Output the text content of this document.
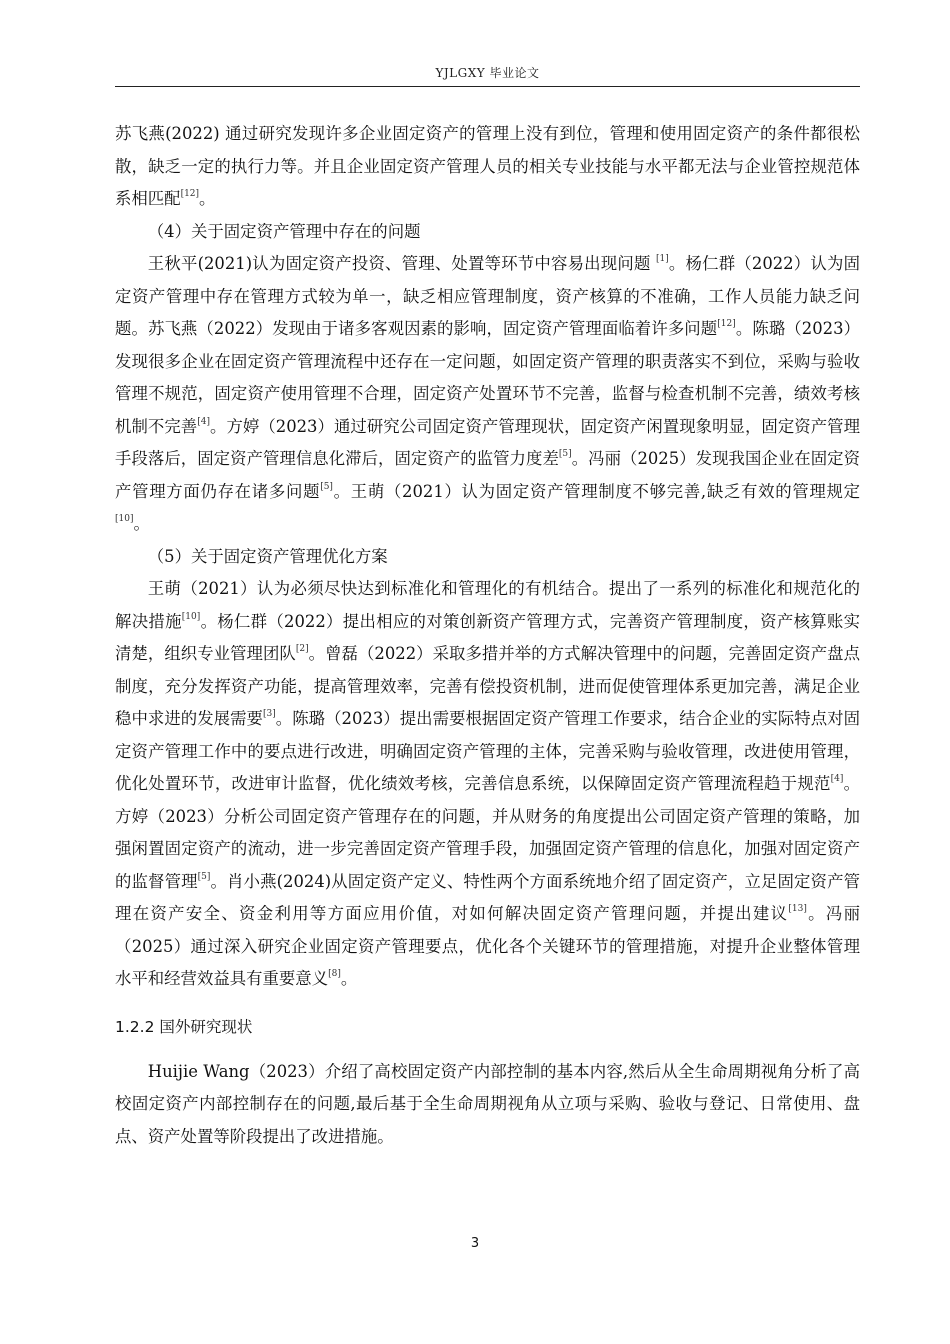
YJLGXY 毕业论文

苏飞燕(2022) 通过研究发现许多企业固定资产的管理上没有到位，管理和使用固定资产的条件都很松散，缺乏一定的执行力等。并且企业固定资产管理人员的相关专业技能与水平都无法与企业管控规范体系相匹配[12]。

（4）关于固定资产管理中存在的问题

王秋平(2021)认为固定资产投资、管理、处置等环节中容易出现问题 [1]。杨仁群（2022）认为固定资产管理中存在管理方式较为单一，缺乏相应管理制度，资产核算的不准确，工作人员能力缺乏问题。苏飞燕（2022）发现由于诸多客观因素的影响，固定资产管理面临着许多问题[12]。陈璐（2023）发现很多企业在固定资产管理流程中还存在一定问题，如固定资产管理的职责落实不到位，采购与验收管理不规范，固定资产使用管理不合理，固定资产处置环节不完善，监督与检查机制不完善，绩效考核机制不完善[4]。方婷（2023）通过研究公司固定资产管理现状，固定资产闲置现象明显，固定资产管理手段落后，固定资产管理信息化滞后，固定资产的监管力度差[5]。冯丽（2025）发现我国企业在固定资产管理方面仍存在诸多问题[5]。王萌（2021）认为固定资产管理制度不够完善,缺乏有效的管理规定[10]。

（5）关于固定资产管理优化方案

王萌（2021）认为必须尽快达到标准化和管理化的有机结合。提出了一系列的标准化和规范化的解决措施[10]。杨仁群（2022）提出相应的对策创新资产管理方式，完善资产管理制度，资产核算账实清楚，组织专业管理团队[2]。曾磊（2022）采取多措并举的方式解决管理中的问题，完善固定资产盘点制度，充分发挥资产功能，提高管理效率，完善有偿投资机制，进而促使管理体系更加完善，满足企业稳中求进的发展需要[3]。陈璐（2023）提出需要根据固定资产管理工作要求，结合企业的实际特点对固定资产管理工作中的要点进行改进，明确固定资产管理的主体，完善采购与验收管理，改进使用管理，优化处置环节，改进审计监督，优化绩效考核，完善信息系统，以保障固定资产管理流程趋于规范[4]。方婷（2023）分析公司固定资产管理存在的问题，并从财务的角度提出公司固定资产管理的策略，加强闲置固定资产的流动，进一步完善固定资产管理手段，加强固定资产管理的信息化，加强对固定资产的监督管理[5]。肖小燕(2024)从固定资产定义、特性两个方面系统地介绍了固定资产，立足固定资产管理在资产安全、资金利用等方面应用价值，对如何解决固定资产管理问题，并提出建议[13]。冯丽（2025）通过深入研究企业固定资产管理要点，优化各个关键环节的管理措施，对提升企业整体管理水平和经营效益具有重要意义[8]。

1.2.2 国外研究现状

Huijie Wang（2023）介绍了高校固定资产内部控制的基本内容,然后从全生命周期视角分析了高校固定资产内部控制存在的问题,最后基于全生命周期视角从立项与采购、验收与登记、日常使用、盘点、资产处置等阶段提出了改进措施。

3
